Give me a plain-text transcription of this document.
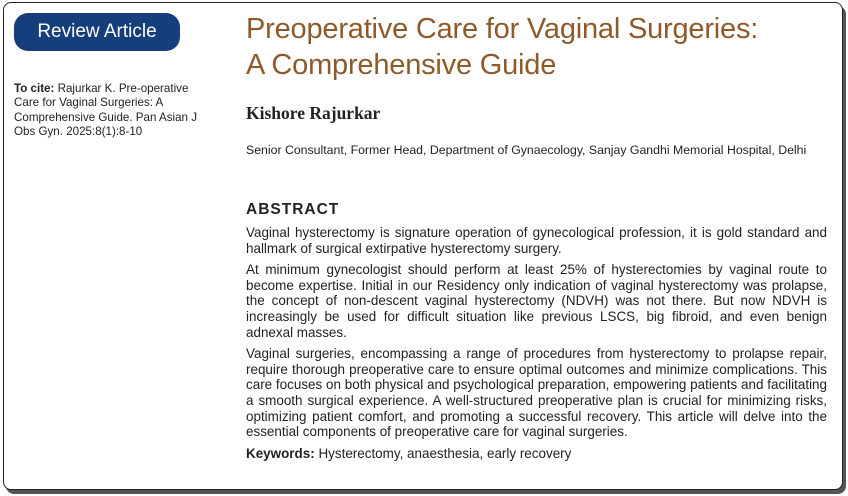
Review Article
To cite: Rajurkar K. Pre-operative Care for Vaginal Surgeries: A Comprehensive Guide. Pan Asian J Obs Gyn. 2025:8(1):8-10
Preoperative Care for Vaginal Surgeries:
A Comprehensive Guide
Kishore Rajurkar
Senior Consultant, Former Head, Department of Gynaecology, Sanjay Gandhi Memorial Hospital, Delhi
ABSTRACT

Vaginal hysterectomy is signature operation of gynecological profession, it is gold standard and hallmark of surgical extirpative hysterectomy surgery.

At minimum gynecologist should perform at least 25% of hysterectomies by vaginal route to become expertise. Initial in our Residency only indication of vaginal hysterectomy was prolapse, the concept of non-descent vaginal hysterectomy (NDVH) was not there. But now NDVH is increasingly be used for difficult situation like previous LSCS, big fibroid, and even benign adnexal masses.

Vaginal surgeries, encompassing a range of procedures from hysterectomy to prolapse repair, require thorough preoperative care to ensure optimal outcomes and minimize complications. This care focuses on both physical and psychological preparation, empowering patients and facilitating a smooth surgical experience. A well-structured preoperative plan is crucial for minimizing risks, optimizing patient comfort, and promoting a successful recovery. This article will delve into the essential components of preoperative care for vaginal surgeries.

Keywords: Hysterectomy, anaesthesia, early recovery
